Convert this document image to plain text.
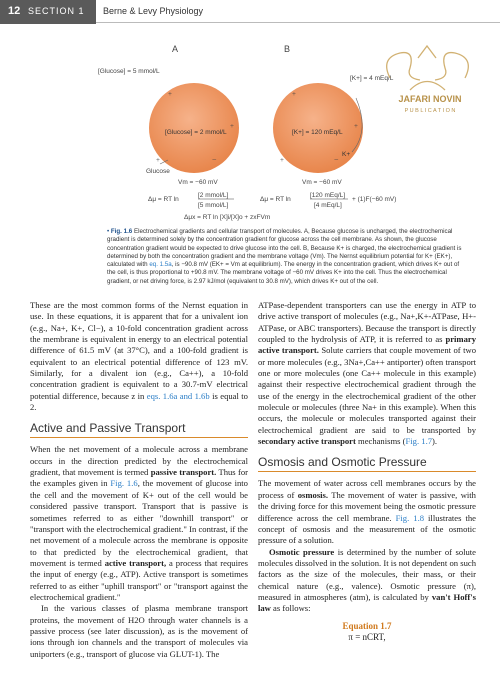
12 SECTION 1 Berne & Levy Physiology
A
[Glucose] = 5 mmol/L
+
+
+	−
[Glucose] = 2 mmol/L
Glucose
Vm = −60 mV
Δμ = RT ln
[2 mmol/L]
[5 mmol/L]
B
+
+
+	−
[K+] = 120 mEq/L
K+
[K+] = 4 mEq/L
Vm = −60 mV
Δμ = RT ln
[120 mEq/L]
[4 mEq/L]
+ (1)F(−60 mV)
Δμx = RT ln [X]i/[X]o + zxFVm
• Fig. 1.6 Electrochemical gradients and cellular transport of molecules. A, Because glucose is uncharged, the electrochemical gradient is determined solely by the concentration gradient for glucose across the cell membrane. As shown, the glucose concentration gradient would be expected to drive glucose into the cell. B, Because K+ is charged, the electrochemical gradient is determined by both the concentration gradient and the membrane voltage (Vm). The Nernst equilibrium potential for K+ (EK+), calculated with eq. 1.5a, is −90.8 mV (EK+ = Vm at equilibrium). The energy in the concentration gradient, which drives K+ out of the cell, is thus proportional to +90.8 mV. The membrane voltage of −60 mV drives K+ into the cell. Thus the electrochemical gradient, or net driving force, is 2.97 kJ/mol (equivalent to 30.8 mV), which drives K+ out of the cell.
JAFARI NOVIN
P U B L I C A T I O N

These are the most common forms of the Nernst equation in use. In these equations, it is apparent that for a univalent ion (e.g., Na+, K+, Cl−), a 10-fold concentration gradient across the membrane is equivalent in energy to an electrical potential difference of 61.5 mV (at 37°C), and a 100-fold gradient is equivalent to an electrical potential difference of 123 mV. Similarly, for a divalent ion (e.g., Ca++), a 10-fold concentration gradient is equivalent to a 30.7-mV electrical potential difference, because z in eqs. 1.6a and 1.6b is equal to 2.

Active and Passive Transport

When the net movement of a molecule across a membrane occurs in the direction predicted by the electrochemical gradient, that movement is termed passive transport. Thus for the examples given in Fig. 1.6, the movement of glucose into the cell and the movement of K+ out of the cell would be considered passive transport. Transport that is passive is sometimes referred to as either "downhill transport" or "transport with the electrochemical gradient." In contrast, if the net movement of a molecule across the membrane is opposite to that predicted by the electrochemical gradient, that movement is termed active transport, a process that requires the input of energy (e.g., ATP). Active transport is sometimes referred to as either "uphill transport" or "transport against the electrochemical gradient."

In the various classes of plasma membrane transport proteins, the movement of H2O through water channels is a passive process (see later discussion), as is the movement of ions through ion channels and the transport of molecules via uniporters (e.g., transport of glucose via GLUT-1). The

ATPase-dependent transporters can use the energy in ATP to drive active transport of molecules (e.g., Na+,K+-ATPase, H+-ATPase, or ABC transporters). Because the transport is directly coupled to the hydrolysis of ATP, it is referred to as primary active transport. Solute carriers that couple movement of two or more molecules (e.g., 3Na+,Ca++ antiporter) often transport one or more molecules (one Ca++ molecule in this example) against their respective electrochemical gradient through the use of the energy in the electrochemical gradient of the other molecule or molecules (three Na+ in this example). When this occurs, the molecule or molecules transported against their electrochemical gradient are said to be transported by secondary active transport mechanisms (Fig. 1.7).

Osmosis and Osmotic Pressure

The movement of water across cell membranes occurs by the process of osmosis. The movement of water is passive, with the driving force for this movement being the osmotic pressure difference across the cell membrane. Fig. 1.8 illustrates the concept of osmosis and the measurement of the osmotic pressure of a solution.

Osmotic pressure is determined by the number of solute molecules dissolved in the solution. It is not dependent on such factors as the size of the molecules, their mass, or their chemical nature (e.g., valence). Osmotic pressure (π), measured in atmospheres (atm), is calculated by van't Hoff's law as follows:

Equation 1.7
π = nCRT,
